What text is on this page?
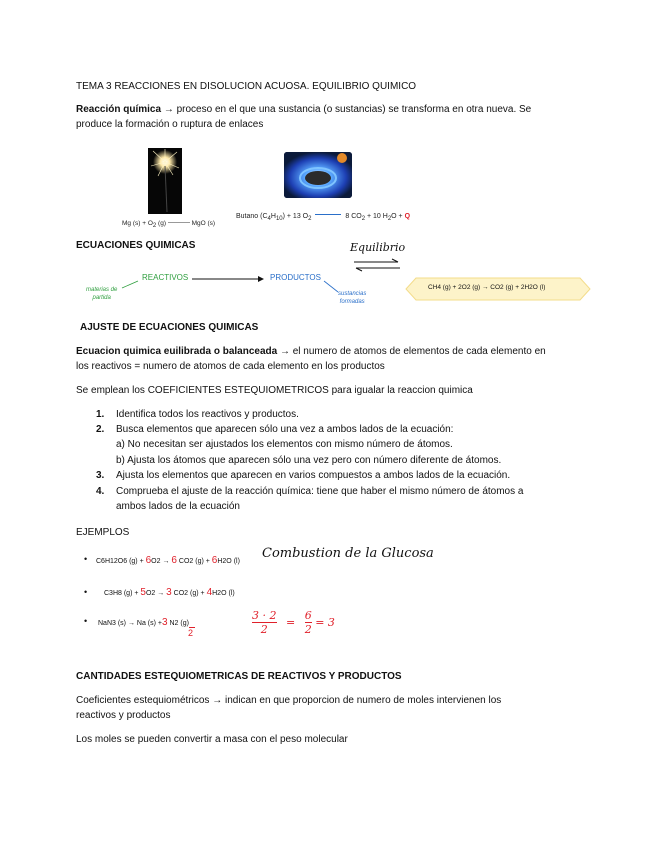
TEMA 3 REACCIONES EN DISOLUCION ACUOSA. EQUILIBRIO QUIMICO
Reacción química → proceso en el que una sustancia (o sustancias) se transforma en otra nueva. Se
produce la formación o ruptura de enlaces
Mg (s) + O2 (g)	MgO (s)
Butano (C4H10) + 13 O2	8 CO2 + 10 H2O + Q
ECUACIONES QUIMICAS	Equilibrio
REACTIVOS	PRODUCTOS
materias de
partida
sustancias
formadas
CH4 (g) + 2O2 (g) → CO2 (g) + 2H2O (l)
AJUSTE DE ECUACIONES QUIMICAS
Ecuacion quimica euilibrada o balanceada → el numero de atomos de elementos de cada elemento en
los reactivos = numero de atomos de cada elemento en los productos
Se emplean los COEFICIENTES ESTEQUIOMETRICOS para igualar la reaccion quimica
1. Identifica todos los reactivos y productos.
2. Busca elementos que aparecen sólo una vez a ambos lados de la ecuación:
a) No necesitan ser ajustados los elementos con mismo número de átomos.
b) Ajusta los átomos que aparecen sólo una vez pero con número diferente de átomos.
3. Ajusta los elementos que aparecen en varios compuestos a ambos lados de la ecuación.
4. Comprueba el ajuste de la reacción química: tiene que haber el mismo número de átomos a
ambos lados de la ecuación
EJEMPLOS
• C6H12O6 (g) + 6O2 → 6 CO2 (g) + 6H2O (l)
Combustion de la Glucosa
• C3H8 (g) + 5O2 → 3 CO2 (g) + 4H2O (l)
• NaN3 (s) → Na (s) +3 N2 (g)
2	$\frac{3 \cdot 2}{2} = \frac{6}{2} = 3$
CANTIDADES ESTEQUIOMETRICAS DE REACTIVOS Y PRODUCTOS
Coeficientes estequiométricos → indican en que proporcion de numero de moles intervienen los
reactivos y productos
Los moles se pueden convertir a masa con el peso molecular
